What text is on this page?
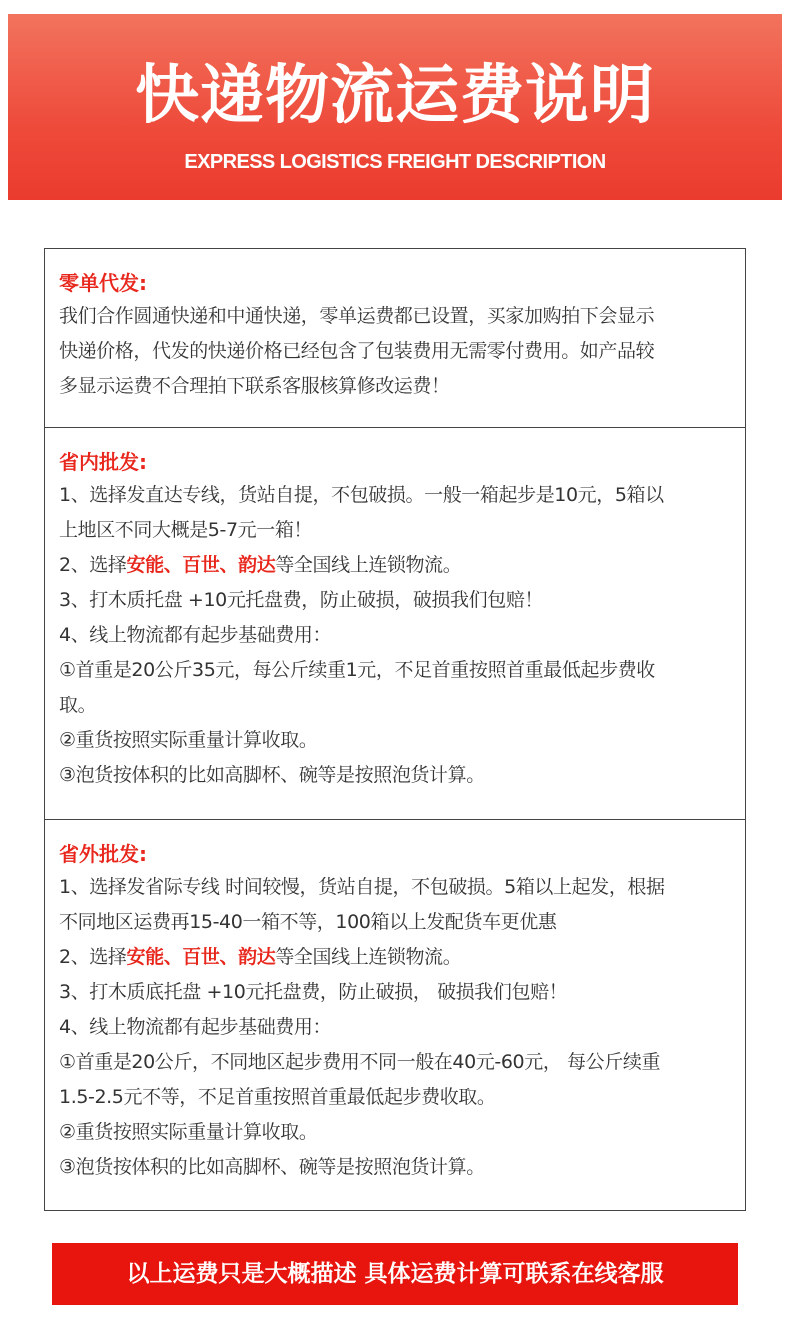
快递物流运费说明
EXPRESS LOGISTICS FREIGHT DESCRIPTION
零单代发:
我们合作圆通快递和中通快递，零单运费都已设置，买家加购拍下会显示
快递价格，代发的快递价格已经包含了包装费用无需零付费用。如产品较
多显示运费不合理拍下联系客服核算修改运费！
省内批发:
1、选择发直达专线，货站自提，不包破损。一般一箱起步是10元，5箱以
上地区不同大概是5-7元一箱！
2、选择安能、百世、韵达等全国线上连锁物流。
3、打木质托盘 +10元托盘费，防止破损，破损我们包赔！
4、线上物流都有起步基础费用：
①首重是20公斤35元，每公斤续重1元，不足首重按照首重最低起步费收
取。
②重货按照实际重量计算收取。
③泡货按体积的比如高脚杯、碗等是按照泡货计算。
省外批发:
1、选择发省际专线 时间较慢，货站自提，不包破损。5箱以上起发，根据
不同地区运费再15-40一箱不等，100箱以上发配货车更优惠
2、选择安能、百世、韵达等全国线上连锁物流。
3、打木质底托盘 +10元托盘费，防止破损， 破损我们包赔！
4、线上物流都有起步基础费用：
①首重是20公斤，不同地区起步费用不同一般在40元-60元， 每公斤续重
1.5-2.5元不等，不足首重按照首重最低起步费收取。
②重货按照实际重量计算收取。
③泡货按体积的比如高脚杯、碗等是按照泡货计算。
以上运费只是大概描述 具体运费计算可联系在线客服
